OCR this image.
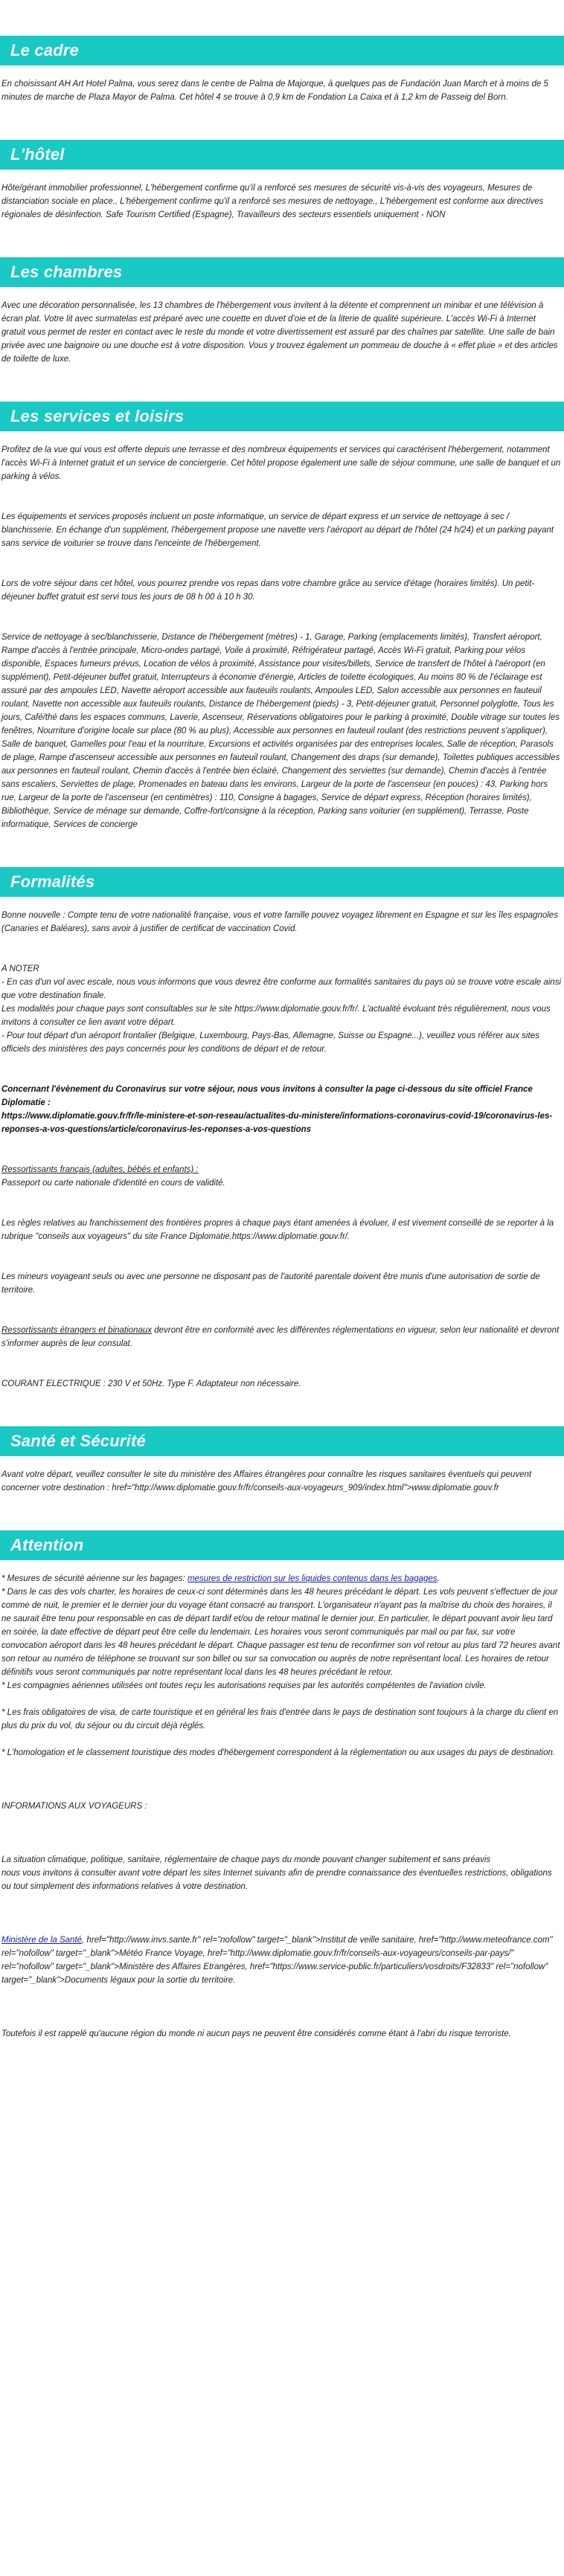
Le cadre

En choisissant AH Art Hotel Palma, vous serez dans le centre de Palma de Majorque, à quelques pas de Fundación Juan March et à moins de 5 minutes de marche de Plaza Mayor de Palma. Cet hôtel 4 se trouve à 0,9 km de Fondation La Caixa et à 1,2 km de Passeig del Born.

L'hôtel

Hôte/gérant immobilier professionnel, L'hébergement confirme qu'il a renforcé ses mesures de sécurité vis-à-vis des voyageurs, Mesures de distanciation sociale en place., L'hébergement confirme qu'il a renforcé ses mesures de nettoyage., L'hébergement est conforme aux directives régionales de désinfection. Safe Tourism Certified (Espagne), Travailleurs des secteurs essentiels uniquement - NON

Les chambres

Avec une décoration personnalisée, les 13 chambres de l'hébergement vous invitent à la détente et comprennent un minibar et une télévision à écran plat. Votre lit avec surmatelas est préparé avec une couette en duvet d'oie et de la literie de qualité supérieure. L'accès Wi-Fi à Internet gratuit vous permet de rester en contact avec le reste du monde et votre divertissement est assuré par des chaînes par satellite. Une salle de bain privée avec une baignoire ou une douche est à votre disposition. Vous y trouvez également un pommeau de douche à « effet pluie » et des articles de toilette de luxe.

Les services et loisirs

Profitez de la vue qui vous est offerte depuis une terrasse et des nombreux équipements et services qui caractérisent l'hébergement, notamment l'accès Wi-Fi à Internet gratuit et un service de conciergerie. Cet hôtel propose également une salle de séjour commune, une salle de banquet et un parking à vélos.

Les équipements et services proposés incluent un poste informatique, un service de départ express et un service de nettoyage à sec / blanchisserie. En échange d'un supplément, l'hébergement propose une navette vers l'aéroport au départ de l'hôtel (24 h/24) et un parking payant sans service de voiturier se trouve dans l'enceinte de l'hébergement.

Lors de votre séjour dans cet hôtel, vous pourrez prendre vos repas dans votre chambre grâce au service d'étage (horaires limités). Un petit-déjeuner buffet gratuit est servi tous les jours de 08 h 00 à 10 h 30.

Service de nettoyage à sec/blanchisserie, Distance de l'hébergement (mètres) - 1, Garage, Parking (emplacements limités), Transfert aéroport, Rampe d'accès à l'entrée principale, Micro-ondes partagé, Voile à proximité, Réfrigérateur partagé, Accès Wi-Fi gratuit, Parking pour vélos disponible, Espaces fumeurs prévus, Location de vélos à proximité, Assistance pour visites/billets, Service de transfert de l'hôtel à l'aéroport (en supplément), Petit-déjeuner buffet gratuit, Interrupteurs à économie d'énergie, Articles de toilette écologiques, Au moins 80 % de l'éclairage est assuré par des ampoules LED, Navette aéroport accessible aux fauteuils roulants, Ampoules LED, Salon accessible aux personnes en fauteuil roulant, Navette non accessible aux fauteuils roulants, Distance de l'hébergement (pieds) - 3, Petit-déjeuner gratuit, Personnel polyglotte, Tous les jours, Café/thé dans les espaces communs, Laverie, Ascenseur, Réservations obligatoires pour le parking à proximité, Double vitrage sur toutes les fenêtres, Nourriture d'origine locale sur place (80 % au plus), Accessible aux personnes en fauteuil roulant (des restrictions peuvent s'appliquer), Salle de banquet, Gamelles pour l'eau et la nourriture, Excursions et activités organisées par des entreprises locales, Salle de réception, Parasols de plage, Rampe d'ascenseur accessible aux personnes en fauteuil roulant, Changement des draps (sur demande), Toilettes publiques accessibles aux personnes en fauteuil roulant, Chemin d'accès à l'entrée bien éclairé, Changement des serviettes (sur demande), Chemin d'accès à l'entrée sans escaliers, Serviettes de plage, Promenades en bateau dans les environs, Largeur de la porte de l'ascenseur (en pouces) : 43, Parking hors rue, Largeur de la porte de l'ascenseur (en centimètres) : 110, Consigne à bagages, Service de départ express, Réception (horaires limités), Bibliothèque, Service de ménage sur demande, Coffre-fort/consigne à la réception, Parking sans voiturier (en supplément), Terrasse, Poste informatique, Services de concierge

Formalités

Bonne nouvelle : Compte tenu de votre nationalité française, vous et votre famille pouvez voyagez librement en Espagne et sur les îles espagnoles (Canaries et Baléares), sans avoir à justifier de certificat de vaccination Covid.

A NOTER

- En cas d'un vol avec escale, nous vous informons que vous devrez être conforme aux formalités sanitaires du pays où se trouve votre escale ainsi que votre destination finale.

Les modalités pour chaque pays sont consultables sur le site https://www.diplomatie.gouv.fr/fr/. L'actualité évoluant très régulièrement, nous vous invitons à consulter ce lien avant votre départ.

- Pour tout départ d'un aéroport frontalier (Belgique, Luxembourg, Pays-Bas, Allemagne, Suisse ou Espagne...), veuillez vous référer aux sites officiels des ministères des pays concernés pour les conditions de départ et de retour.

Concernant l'évènement du Coronavirus sur votre séjour, nous vous invitons à consulter la page ci-dessous du site officiel France Diplomatie :

https://www.diplomatie.gouv.fr/fr/le-ministere-et-son-reseau/actualites-du-ministere/informations-coronavirus-covid-19/coronavirus-les-reponses-a-vos-questions/article/coronavirus-les-reponses-a-vos-questions

Ressortissants français (adultes, bébés et enfants) :

Passeport ou carte nationale d'identité en cours de validité.

Les règles relatives au franchissement des frontières propres à chaque pays étant amenées à évoluer, il est vivement conseillé de se reporter à la rubrique "conseils aux voyageurs" du site France Diplomatie,https://www.diplomatie.gouv.fr/.

Les mineurs voyageant seuls ou avec une personne ne disposant pas de l'autorité parentale doivent être munis d'une autorisation de sortie de territoire.

Ressortissants étrangers et binationaux devront être en conformité avec les différentes réglementations en vigueur, selon leur nationalité et devront s'informer auprès de leur consulat.

COURANT ELECTRIQUE : 230 V et 50Hz. Type F. Adaptateur non nécessaire.

Santé et Sécurité

Avant votre départ, veuillez consulter le site du ministère des Affaires étrangères pour connaître les risques sanitaires éventuels qui peuvent concerner votre destination : href="http://www.diplomatie.gouv.fr/fr/conseils-aux-voyageurs_909/index.html">www.diplomatie.gouv.fr

Attention

* Mesures de sécurité aérienne sur les bagages: mesures de restriction sur les liquides contenus dans les bagages.

* Dans le cas des vols charter, les horaires de ceux-ci sont déterminés dans les 48 heures précédant le départ. Les vols peuvent s'effectuer de jour comme de nuit, le premier et le dernier jour du voyage étant consacré au transport. L'organisateur n'ayant pas la maîtrise du choix des horaires, il ne saurait être tenu pour responsable en cas de départ tardif et/ou de retour matinal le dernier jour. En particulier, le départ pouvant avoir lieu tard en soirée, la date effective de départ peut être celle du lendemain. Les horaires vous seront communiqués par mail ou par fax, sur votre convocation aéroport dans les 48 heures précédant le départ. Chaque passager est tenu de reconfirmer son vol retour au plus tard 72 heures avant son retour au numéro de téléphone se trouvant sur son billet ou sur sa convocation ou auprès de notre représentant local. Les horaires de retour définitifs vous seront communiqués par notre représentant local dans les 48 heures précédant le retour.

* Les compagnies aériennes utilisées ont toutes reçu les autorisations requises par les autorités compétentes de l'aviation civile.

* Les frais obligatoires de visa, de carte touristique et en général les frais d'entrée dans le pays de destination sont toujours à la charge du client en plus du prix du vol, du séjour ou du circuit déjà réglés.

* L'homologation et le classement touristique des modes d'hébergement correspondent à la réglementation ou aux usages du pays de destination.

INFORMATIONS AUX VOYAGEURS :

La situation climatique, politique, sanitaire, réglementaire de chaque pays du monde pouvant changer subitement et sans préavis

nous vous invitons à consulter avant votre départ les sites Internet suivants afin de prendre connaissance des éventuelles restrictions, obligations ou tout simplement des informations relatives à votre destination.

Ministère de la Santé, href="http://www.invs.sante.fr" rel="nofollow" target="_blank">Institut de veille sanitaire, href="http://www.meteofrance.com" rel="nofollow" target="_blank">Météo France Voyage, href="http://www.diplomatie.gouv.fr/fr/conseils-aux-voyageurs/conseils-par-pays/" rel="nofollow" target="_blank">Ministère des Affaires Etrangères, href="https://www.service-public.fr/particuliers/vosdroits/F32833" rel="nofollow" target="_blank">Documents légaux pour la sortie du territoire.

Toutefois il est rappelé qu'aucune région du monde ni aucun pays ne peuvent être considérés comme étant à l'abri du risque terroriste.
